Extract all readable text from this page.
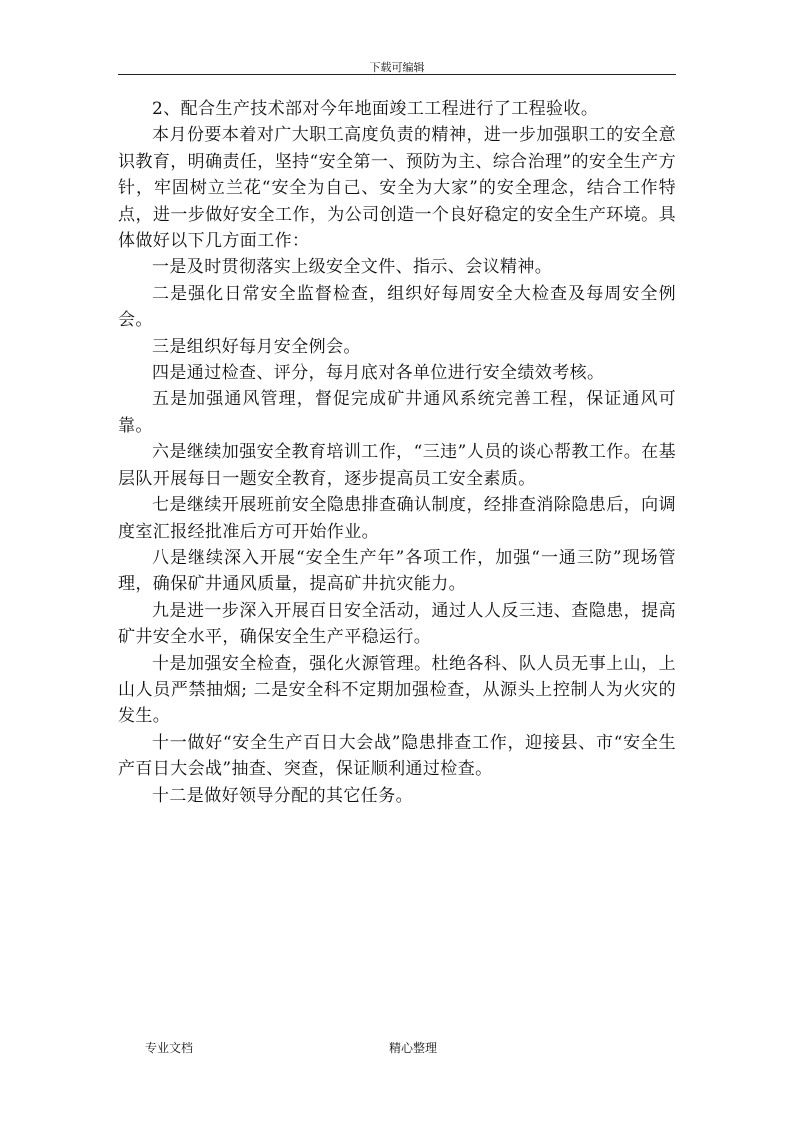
下载可编辑

2、配合生产技术部对今年地面竣工工程进行了工程验收。

本月份要本着对广大职工高度负责的精神，进一步加强职工的安全意识教育，明确责任，坚持“安全第一、预防为主、综合治理”的安全生产方针，牢固树立兰花“安全为自己、安全为大家”的安全理念，结合工作特点，进一步做好安全工作，为公司创造一个良好稳定的安全生产环境。具体做好以下几方面工作：

一是及时贯彻落实上级安全文件、指示、会议精神。

二是强化日常安全监督检查，组织好每周安全大检查及每周安全例会。

三是组织好每月安全例会。

四是通过检查、评分，每月底对各单位进行安全绩效考核。

五是加强通风管理，督促完成矿井通风系统完善工程，保证通风可靠。

六是继续加强安全教育培训工作，“三违”人员的谈心帮教工作。在基层队开展每日一题安全教育，逐步提高员工安全素质。

七是继续开展班前安全隐患排查确认制度，经排查消除隐患后，向调度室汇报经批准后方可开始作业。

八是继续深入开展“安全生产年”各项工作，加强“一通三防”现场管理，确保矿井通风质量，提高矿井抗灾能力。

九是进一步深入开展百日安全活动，通过人人反三违、查隐患，提高矿井安全水平，确保安全生产平稳运行。

十是加强安全检查，强化火源管理。杜绝各科、队人员无事上山，上山人员严禁抽烟; 二是安全科不定期加强检查，从源头上控制人为火灾的发生。

十一做好“安全生产百日大会战”隐患排查工作，迎接县、市“安全生产百日大会战”抽查、突查，保证顺利通过检查。

十二是做好领导分配的其它任务。

专业文档	精心整理
